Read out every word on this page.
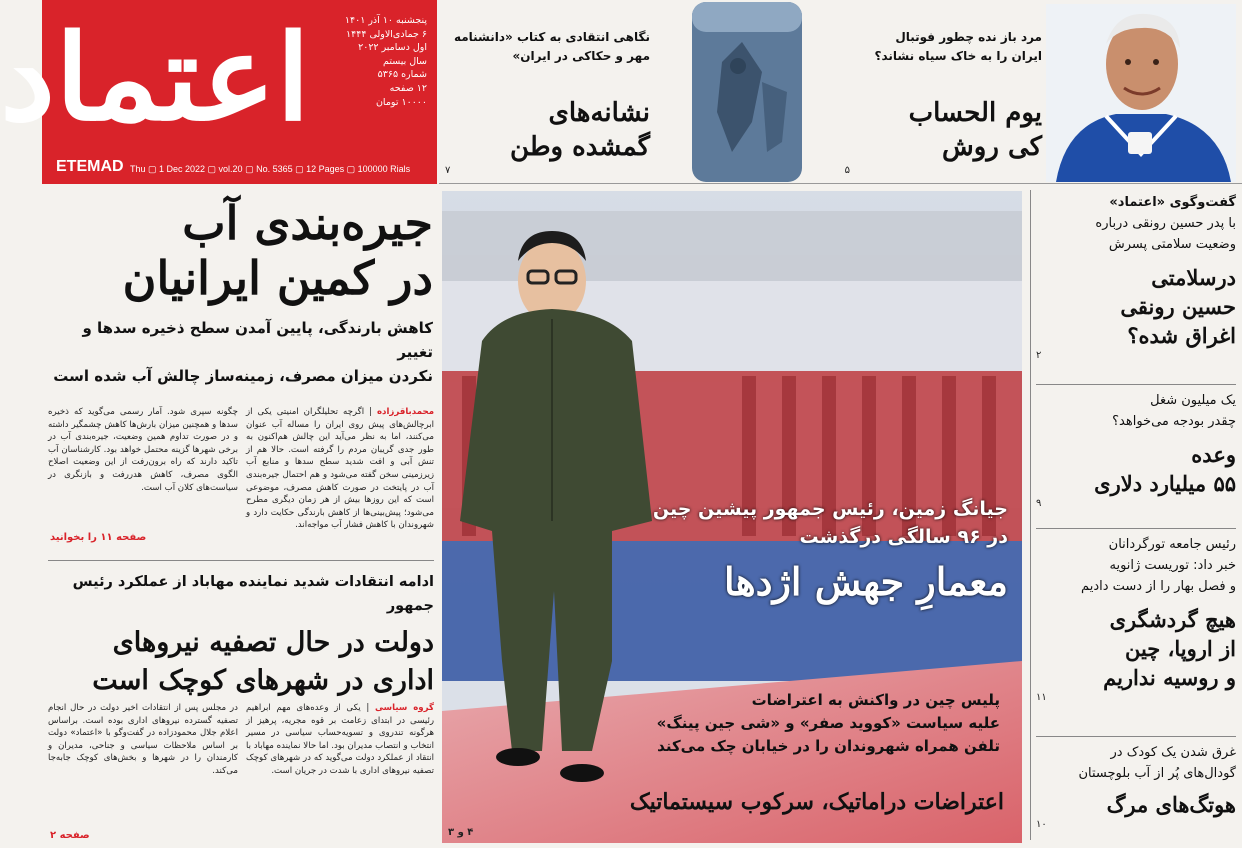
اعتماد
ETEMAD
پنجشنبه ۱۰ آذر ۱۴۰۱
۶ جمادی‌الاولی ۱۴۴۴
اول دسامبر ۲۰۲۲
سال بیستم
شماره ۵۳۶۵
۱۲ صفحه
۱۰۰۰۰ تومان
Thu ▢ 1 Dec 2022 ▢ vol.20 ▢ No. 5365 ▢ 12 Pages ▢ 100000 Rials
مرد باز نده چطور فوتبال ایران را به خاک سیاه نشاند؟
یوم الحساب
کی روش
۵
نگاهی انتقادی به کتاب «دانشنامه مهر و حکاکی در ایران»
نشانه‌های
گمشده وطن
۷
جیره‌بندی آب
در کمین ایرانیان
کاهش بارندگی، پایین آمدن سطح ذخیره سدها و تغییر
نکردن میزان مصرف، زمینه‌ساز چالش آب شده است

محمدباقرزاده | اگرچه تحلیلگران امنیتی یکی از ابرچالش‌های پیش روی ایران را مساله آب عنوان می‌کنند، اما به نظر می‌آید این چالش هم‌اکنون به طور جدی گریبان مردم را گرفته است. حالا هم از تنش آبی و افت شدید سطح سدها و منابع آب زیرزمینی سخن گفته می‌شود و هم احتمال جیره‌بندی آب در پایتخت در صورت کاهش مصرف، موضوعی است که این روزها بیش از هر زمان دیگری مطرح می‌شود؛ پیش‌بینی‌ها از کاهش بارندگی حکایت دارد و شهروندان با کاهش فشار آب مواجه‌اند.

چگونه سپری شود. آمار رسمی می‌گوید که ذخیره سدها و همچنین میزان بارش‌ها کاهش چشمگیر داشته و در صورت تداوم همین وضعیت، جیره‌بندی آب در برخی شهرها گزینه محتمل خواهد بود. کارشناسان آب تاکید دارند که راه برون‌رفت از این وضعیت اصلاح الگوی مصرف، کاهش هدررفت و بازنگری در سیاست‌های کلان آب است.

صفحه ۱۱ را بخوانید
ادامه انتقادات شدید نماینده مهاباد از عملکرد رئیس جمهور
دولت در حال تصفیه نیروهای
اداری در شهرهای کوچک است

گروه سیاسی | یکی از وعده‌های مهم ابراهیم رئیسی در ابتدای زعامت بر قوه مجریه، پرهیز از هرگونه تندروی و تسویه‌حساب سیاسی در مسیر انتخاب و انتصاب مدیران بود. اما حالا نماینده مهاباد با انتقاد از عملکرد دولت می‌گوید که در شهرهای کوچک تصفیه نیروهای اداری با شدت در جریان است.

در مجلس پس از انتقادات اخیر دولت در حال انجام تصفیه گسترده نیروهای اداری بوده است. براساس اعلام جلال محمودزاده در گفت‌وگو با «اعتماد» دولت بر اساس ملاحظات سیاسی و جناحی، مدیران و کارمندان را در شهرها و بخش‌های کوچک جابه‌جا می‌کند.

صفحه ۲
جیانگ زمین، رئیس جمهور پیشین چین
در ۹۶ سالگی درگذشت
معمارِ جهش اژدها
پلیس چین در واکنش به اعتراضات
علیه سیاست «کووید صفر» و «شی جین پینگ»
تلفن همراه شهروندان را در خیابان چک می‌کند
اعتراضات دراماتیک، سرکوب سیستماتیک
۴ و ۳
گفت‌وگوی «اعتماد»
با پدر حسین رونقی درباره
وضعیت سلامتی پسرش
درسلامتی
حسین رونقی
اغراق شده؟
۲
یک میلیون شغل
چقدر بودجه می‌خواهد؟
وعده
۵۵ میلیارد دلاری
۹
رئیس جامعه تورگردانان
خبر داد: توریست ژانویه
و فصل بهار را از دست دادیم
هیچ گردشگری
از اروپا، چین
و روسیه نداریم
۱۱
غرق شدن یک کودک در
گودال‌های پُر از آب بلوچستان
هوتگ‌های مرگ
۱۰
